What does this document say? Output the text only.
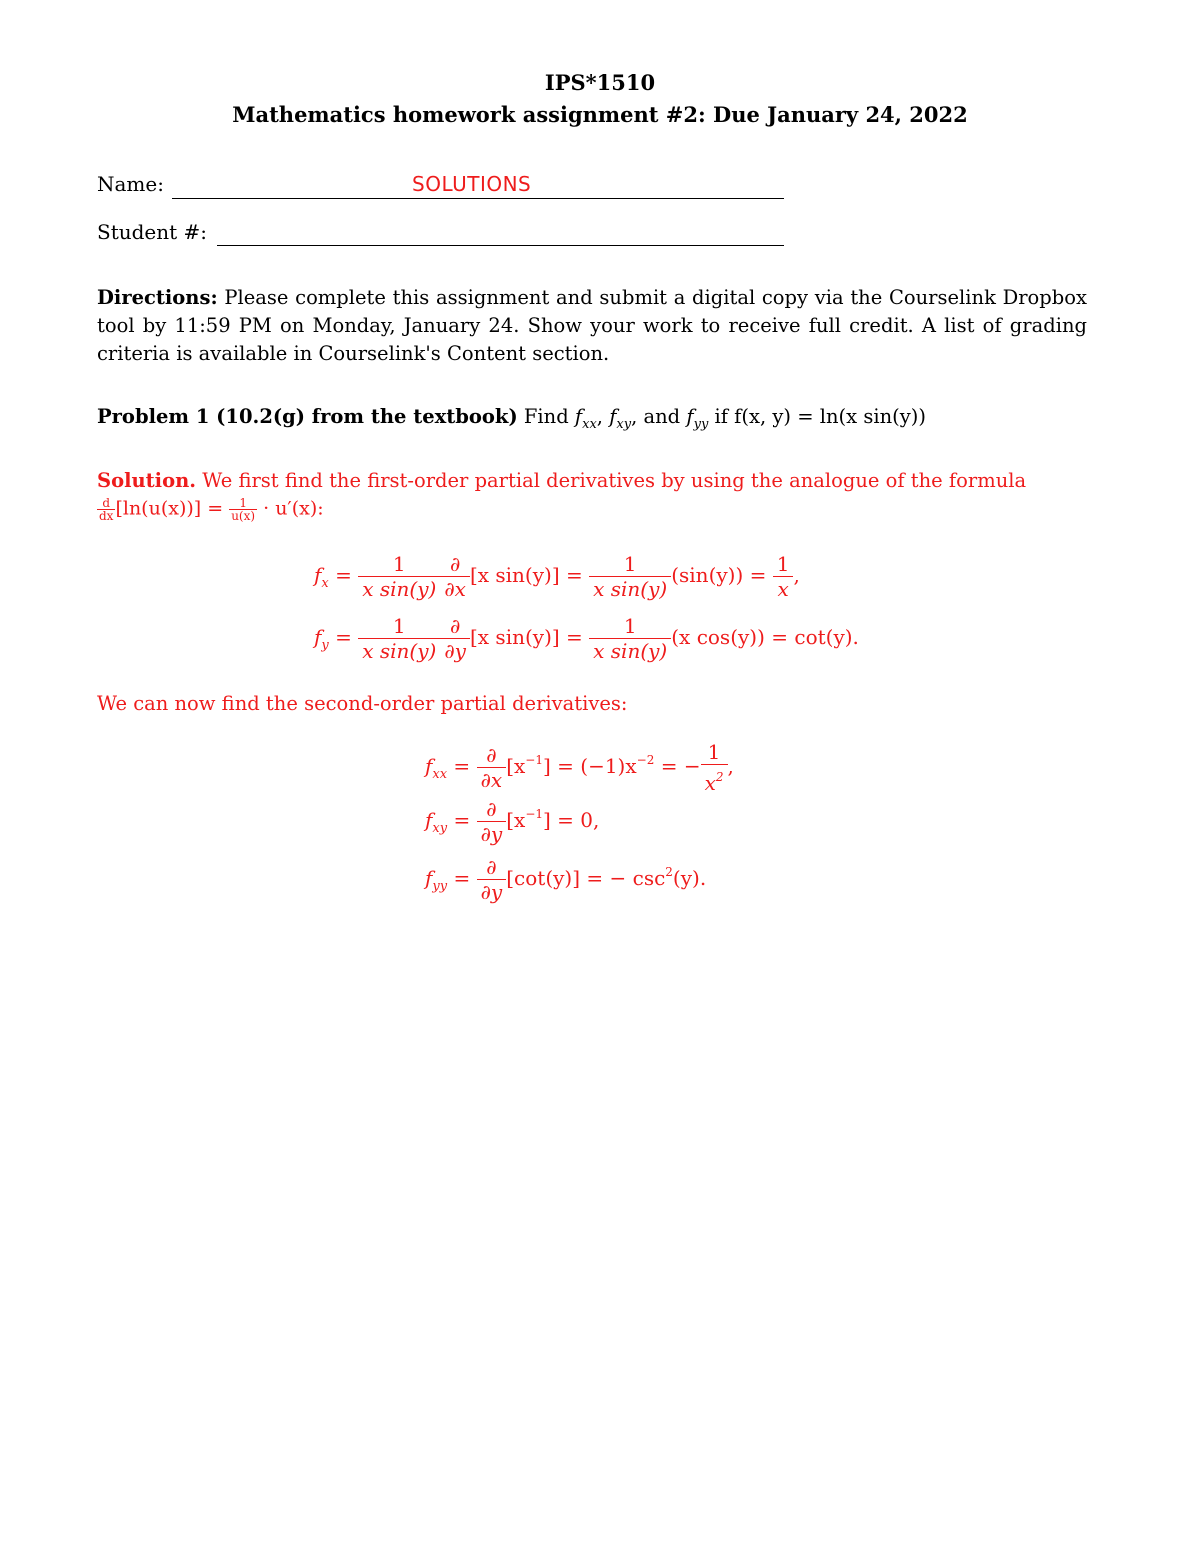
IPS*1510
Mathematics homework assignment #2: Due January 24, 2022
Name:	SOLUTIONS
Student #:
Directions: Please complete this assignment and submit a digital copy via the Courselink Dropbox tool by 11:59 PM on Monday, January 24. Show your work to receive full credit. A list of grading criteria is available in Courselink's Content section.
Problem 1 (10.2(g) from the textbook) Find $f_{xx}$, $f_{xy}$, and $f_{yy}$ if f(x, y) = ln(x sin(y))
Solution. We first find the first-order partial derivatives by using the analogue of the formula
$\frac{d}{dx} [\ln(u(x))] = \frac{1}{u(x)} \cdot u'(x)$:
$f_x = \frac{1}{\text{x sin(y)}} \frac{\partial}{\partial x} [x$ $\sin(y)] = \frac{1}{\text{x sin(y)}} (\sin(y)) = \frac{1}{x}$ ,
$f_y = \frac{1}{\text{x sin(y)}} \frac{\partial}{\partial y} [x$ $\sin(y)] = \frac{1}{\text{x sin(y)}} (x$ cos(y)) = cot(y).
We can now find the second-order partial derivatives:
$f_{xx} = \frac{\partial}{\partial x} [x^{-1}] = (-1)x^{-2}$ = − $\frac{1}{x^2}$ ,
$f_{xy} = \frac{\partial}{\partial y} [x^{-1}] = 0$,
$f_{yy} = \frac{\partial}{\partial y} [\cot(y)]$ = − $\csc^2(y)$.
